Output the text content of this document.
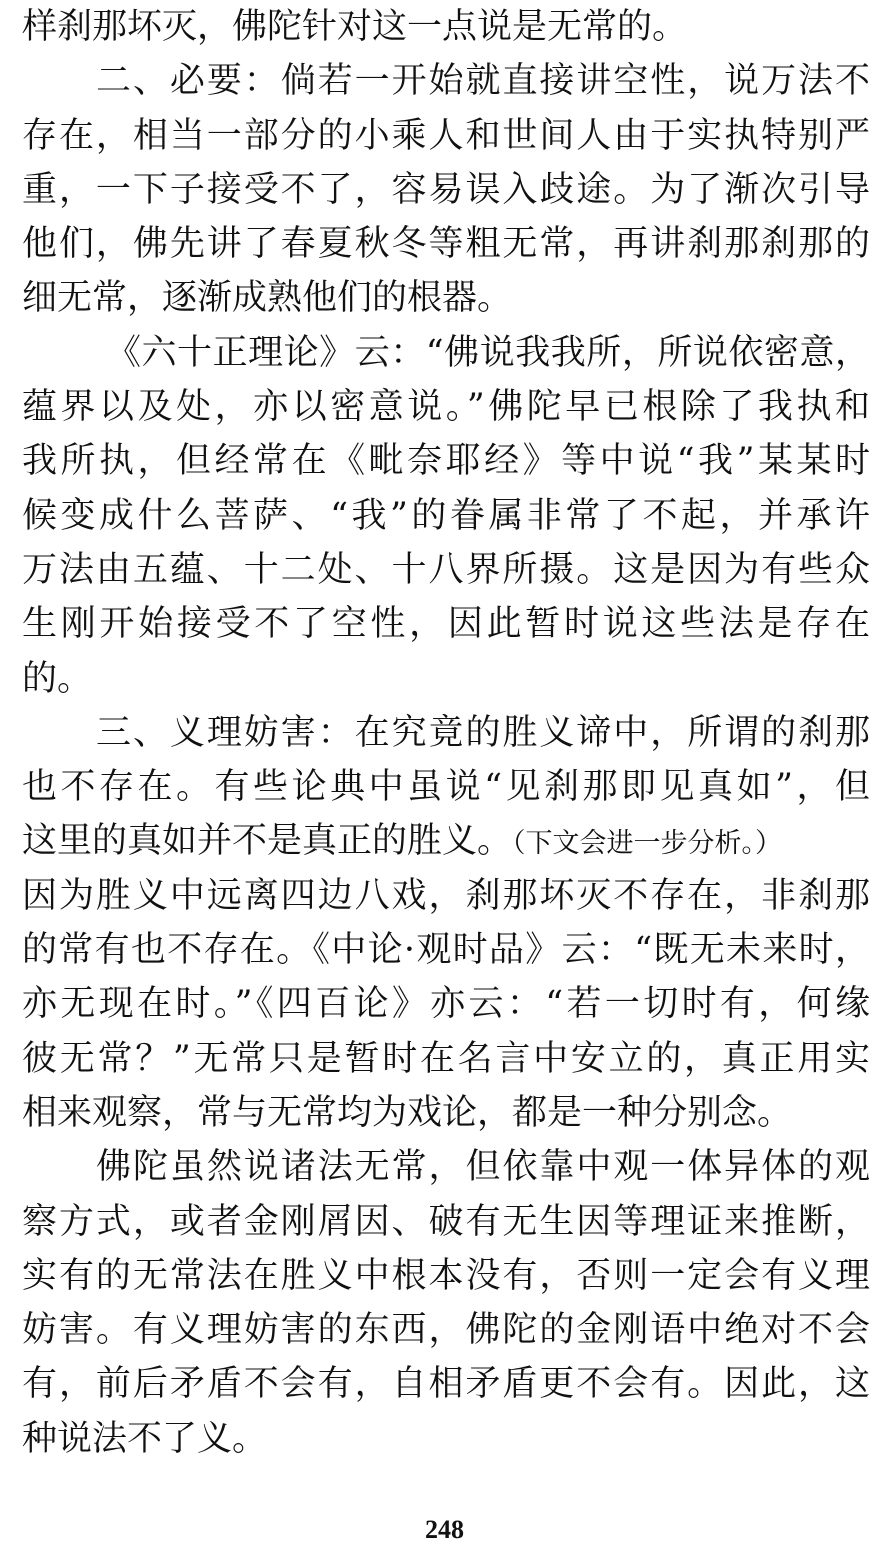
样刹那坏灭，佛陀针对这一点说是无常的。
二、必要：倘若一开始就直接讲空性，说万法不
存在，相当一部分的小乘人和世间人由于实执特别严
重，一下子接受不了，容易误入歧途。为了渐次引导
他们，佛先讲了春夏秋冬等粗无常，再讲刹那刹那的
细无常，逐渐成熟他们的根器。
《六十正理论》云：“佛说我我所，所说依密意，
蕴界以及处，亦以密意说。”佛陀早已根除了我执和
我所执，但经常在《毗奈耶经》等中说“我”某某时
候变成什么菩萨、“我”的眷属非常了不起，并承许
万法由五蕴、十二处、十八界所摄。这是因为有些众
生刚开始接受不了空性，因此暂时说这些法是存在
的。
三、义理妨害：在究竟的胜义谛中，所谓的刹那
也不存在。有些论典中虽说“见刹那即见真如”，但
这里的真如并不是真正的胜义。（下文会进一步分析。）
因为胜义中远离四边八戏，刹那坏灭不存在，非刹那
的常有也不存在。《中论·观时品》云：“既无未来时，
亦无现在时。”《四百论》亦云：“若一切时有，何缘
彼无常？”无常只是暂时在名言中安立的，真正用实
相来观察，常与无常均为戏论，都是一种分别念。
佛陀虽然说诸法无常，但依靠中观一体异体的观
察方式，或者金刚屑因、破有无生因等理证来推断，
实有的无常法在胜义中根本没有，否则一定会有义理
妨害。有义理妨害的东西，佛陀的金刚语中绝对不会
有，前后矛盾不会有，自相矛盾更不会有。因此，这
种说法不了义。
248
